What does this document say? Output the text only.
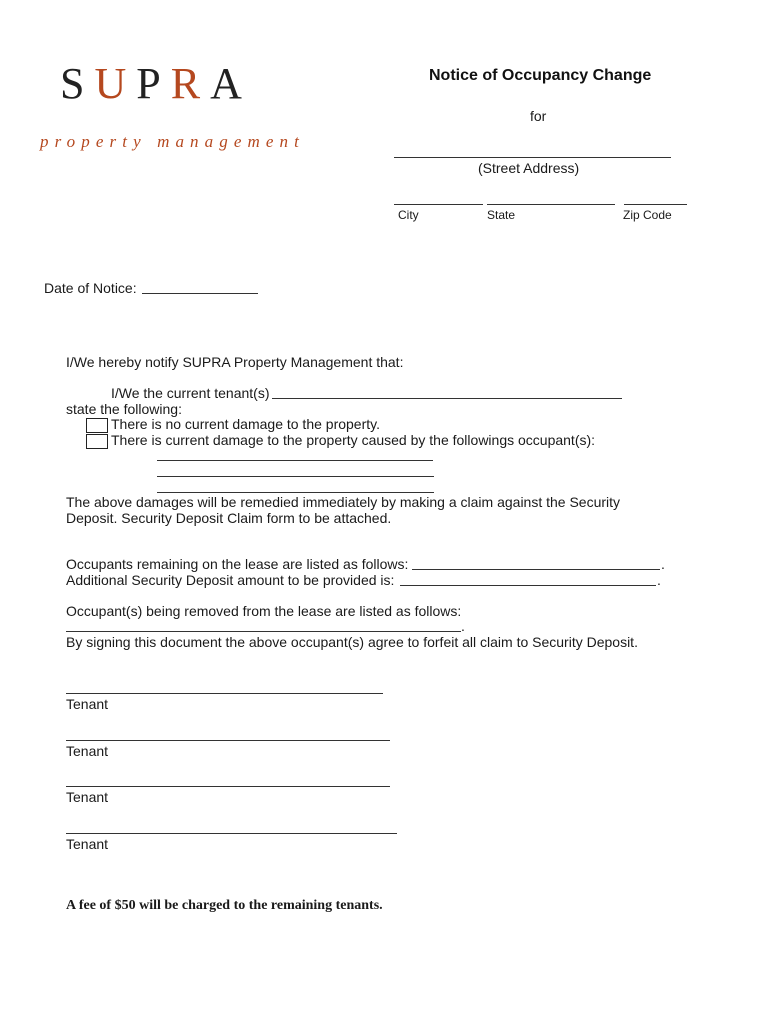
SUPRA
property management
Notice of Occupancy Change
for
(Street Address)
City	State	Zip Code
Date of Notice:
I/We hereby notify SUPRA Property Management that:
I/We the current tenant(s)
state the following:
There is no current damage to the property.
There is current damage to the property caused by the followings occupant(s):
The above damages will be remedied immediately by making a claim against the Security
Deposit. Security Deposit Claim form to be attached.
Occupants remaining on the lease are listed as follows:	.
Additional Security Deposit amount to be provided is:	.
Occupant(s) being removed from the lease are listed as follows:
.
By signing this document the above occupant(s) agree to forfeit all claim to Security Deposit.
Tenant
Tenant
Tenant
Tenant
A fee of $50 will be charged to the remaining tenants.
